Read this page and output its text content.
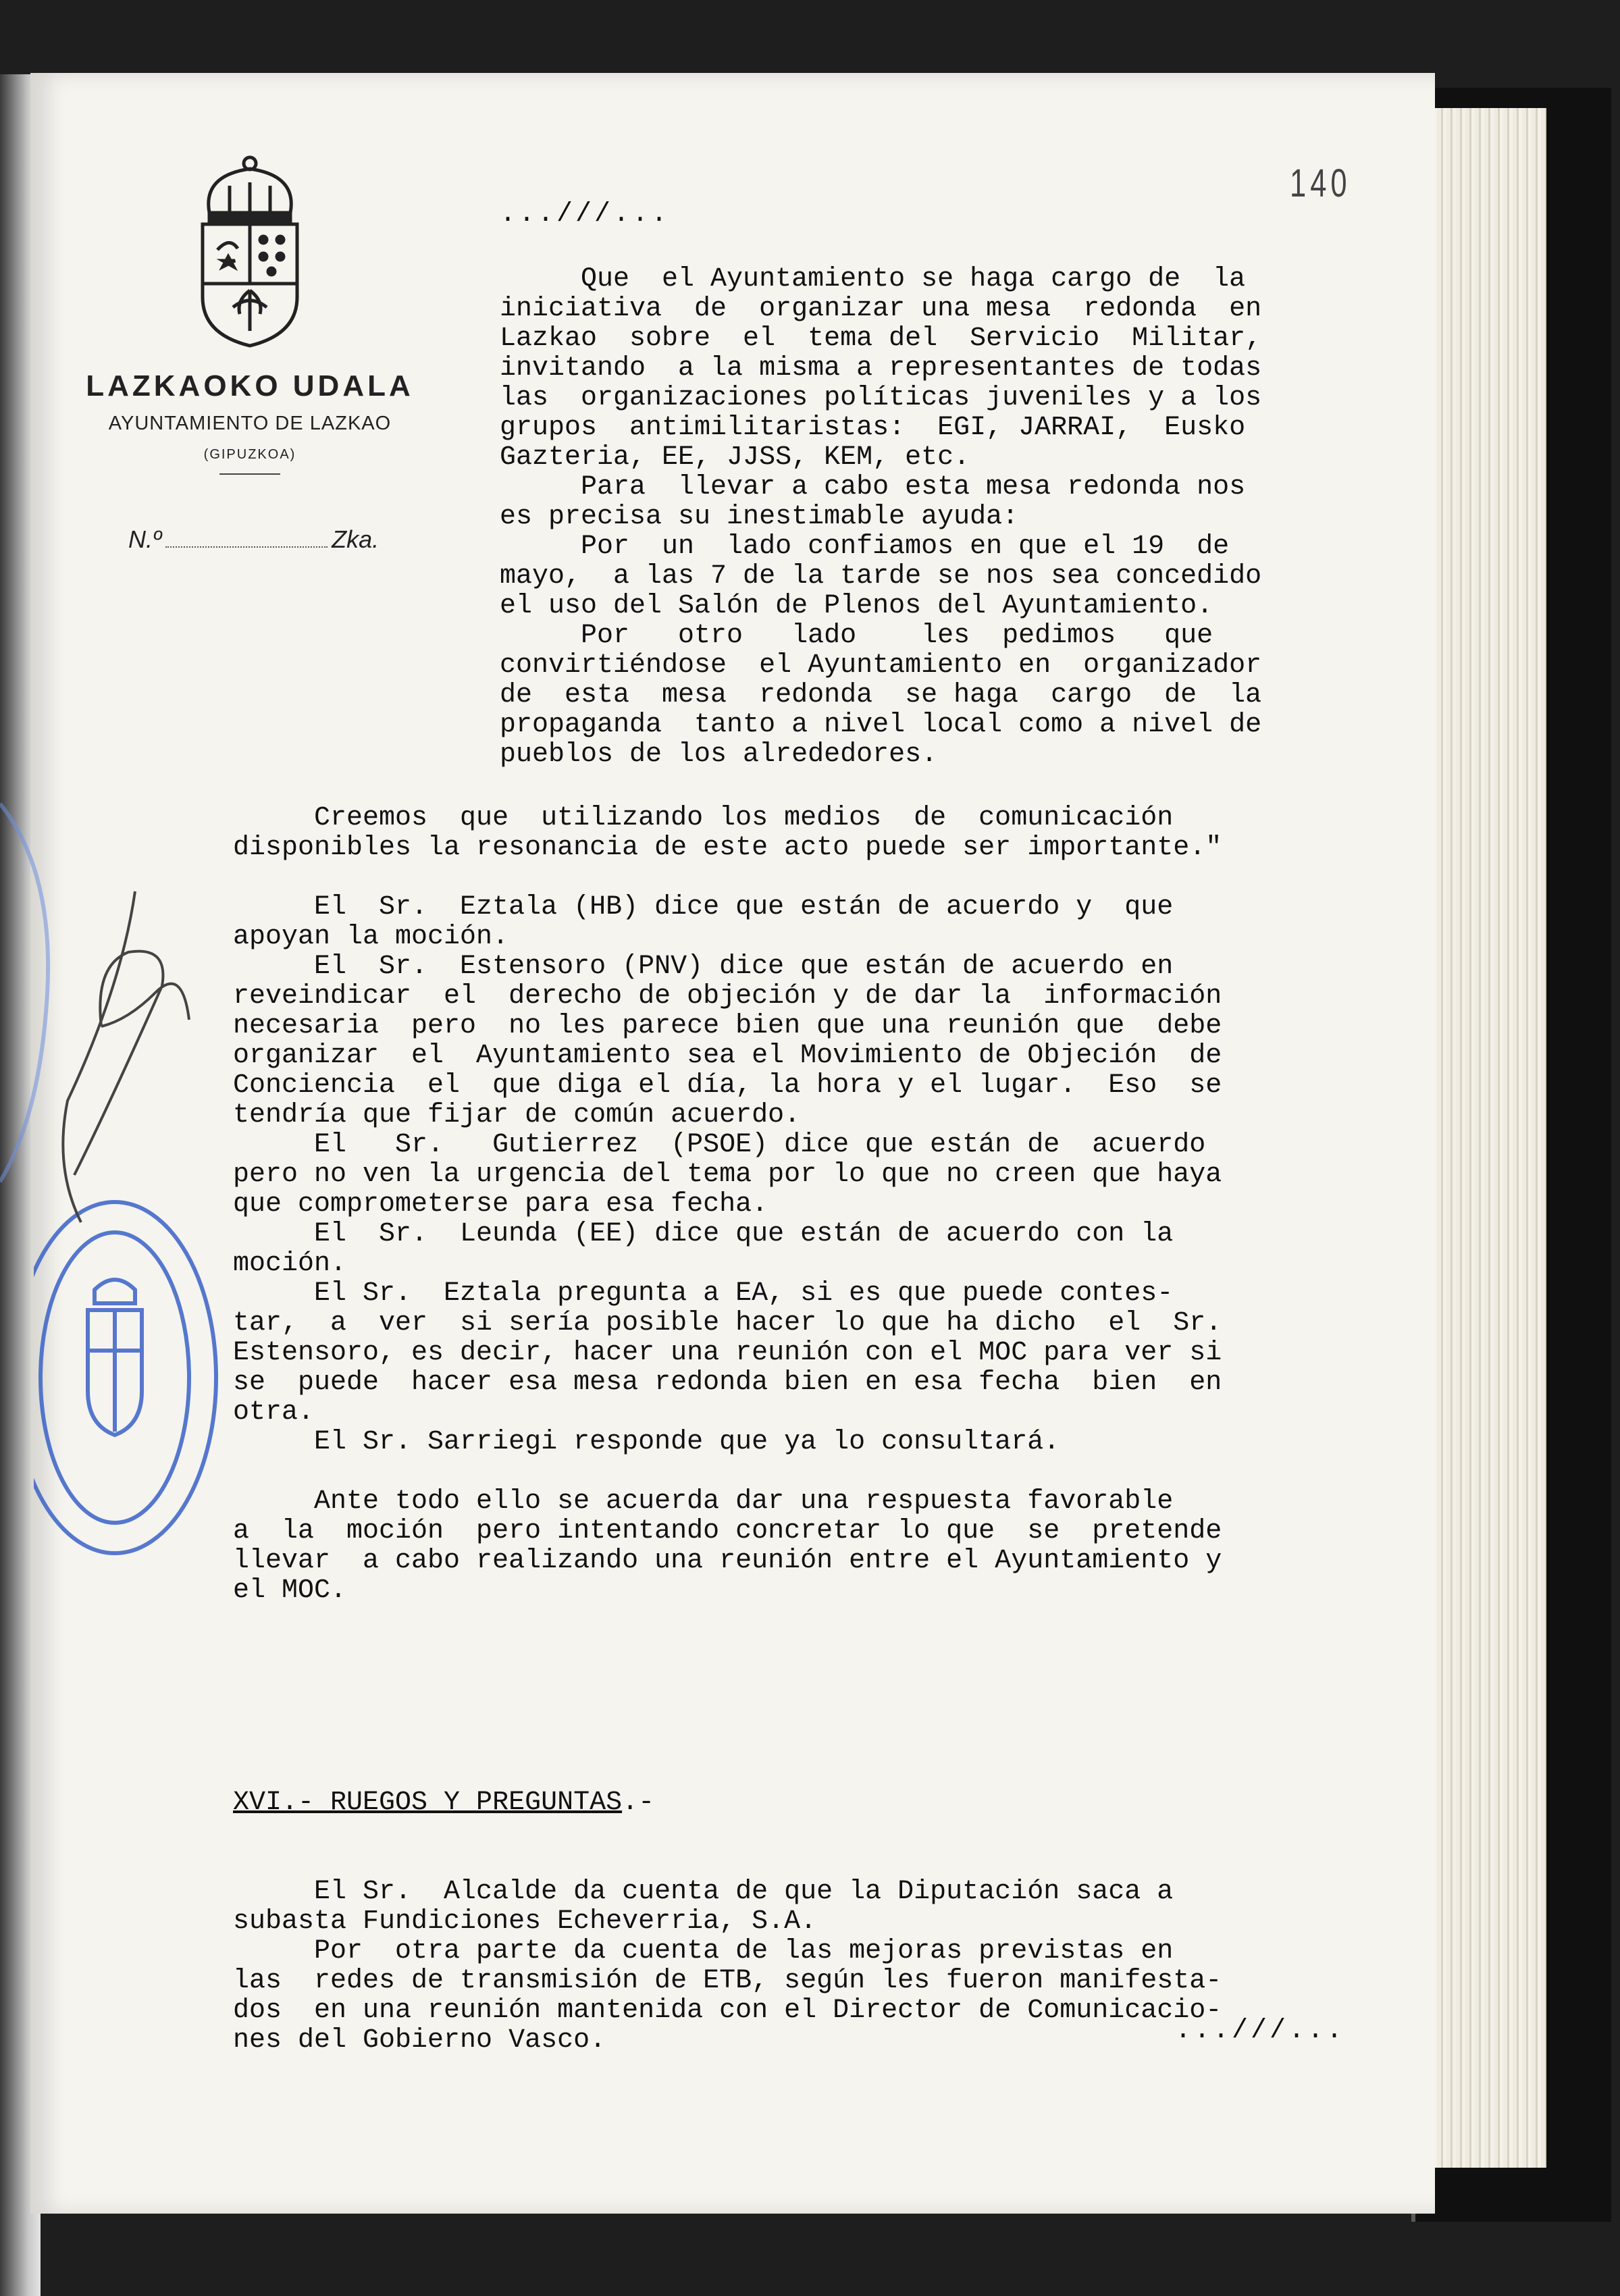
LAZKAOKO UDALA
AYUNTAMIENTO DE LAZKAO
(GIPUZKOA)
N.º	Zka.
140
...///...
Que  el Ayuntamiento se haga cargo de  la
iniciativa  de  organizar una mesa  redonda  en
Lazkao  sobre  el  tema del  Servicio  Militar,
invitando  a la misma a representantes de todas
las  organizaciones políticas juveniles y a los
grupos  antimilitaristas:  EGI, JARRAI,  Eusko
Gazteria, EE, JJSS, KEM, etc.
Para  llevar a cabo esta mesa redonda nos
es precisa su inestimable ayuda:
Por  un  lado confiamos en que el 19  de
mayo,  a las 7 de la tarde se nos sea concedido
el uso del Salón de Plenos del Ayuntamiento.
Por   otro   lado    les  pedimos   que
convirtiéndose  el Ayuntamiento en  organizador
de  esta  mesa  redonda  se haga  cargo  de  la
propaganda  tanto a nivel local como a nivel de
pueblos de los alrededores.
Creemos  que  utilizando los medios  de  comunicación
disponibles la resonancia de este acto puede ser importante."
El  Sr.  Eztala (HB) dice que están de acuerdo y  que
apoyan la moción.
El  Sr.  Estensoro (PNV) dice que están de acuerdo en
reveindicar  el  derecho de objeción y de dar la  información
necesaria  pero  no les parece bien que una reunión que  debe
organizar  el  Ayuntamiento sea el Movimiento de Objeción  de
Conciencia  el  que diga el día, la hora y el lugar.  Eso  se
tendría que fijar de común acuerdo.
El   Sr.   Gutierrez  (PSOE) dice que están de  acuerdo
pero no ven la urgencia del tema por lo que no creen que haya
que comprometerse para esa fecha.
El  Sr.  Leunda (EE) dice que están de acuerdo con la
moción.
El Sr.  Eztala pregunta a EA, si es que puede contes-
tar,  a  ver  si sería posible hacer lo que ha dicho  el  Sr.
Estensoro, es decir, hacer una reunión con el MOC para ver si
se  puede  hacer esa mesa redonda bien en esa fecha  bien  en
otra.
El Sr. Sarriegi responde que ya lo consultará.
Ante todo ello se acuerda dar una respuesta favorable
a  la  moción  pero intentando concretar lo que  se  pretende
llevar  a cabo realizando una reunión entre el Ayuntamiento y
el MOC.

XVI.- RUEGOS Y PREGUNTAS.-

El Sr.  Alcalde da cuenta de que la Diputación saca a
subasta Fundiciones Echeverria, S.A.
Por  otra parte da cuenta de las mejoras previstas en
las  redes de transmisión de ETB, según les fueron manifesta-
dos  en una reunión mantenida con el Director de Comunicacio-
nes del Gobierno Vasco.	...///...
